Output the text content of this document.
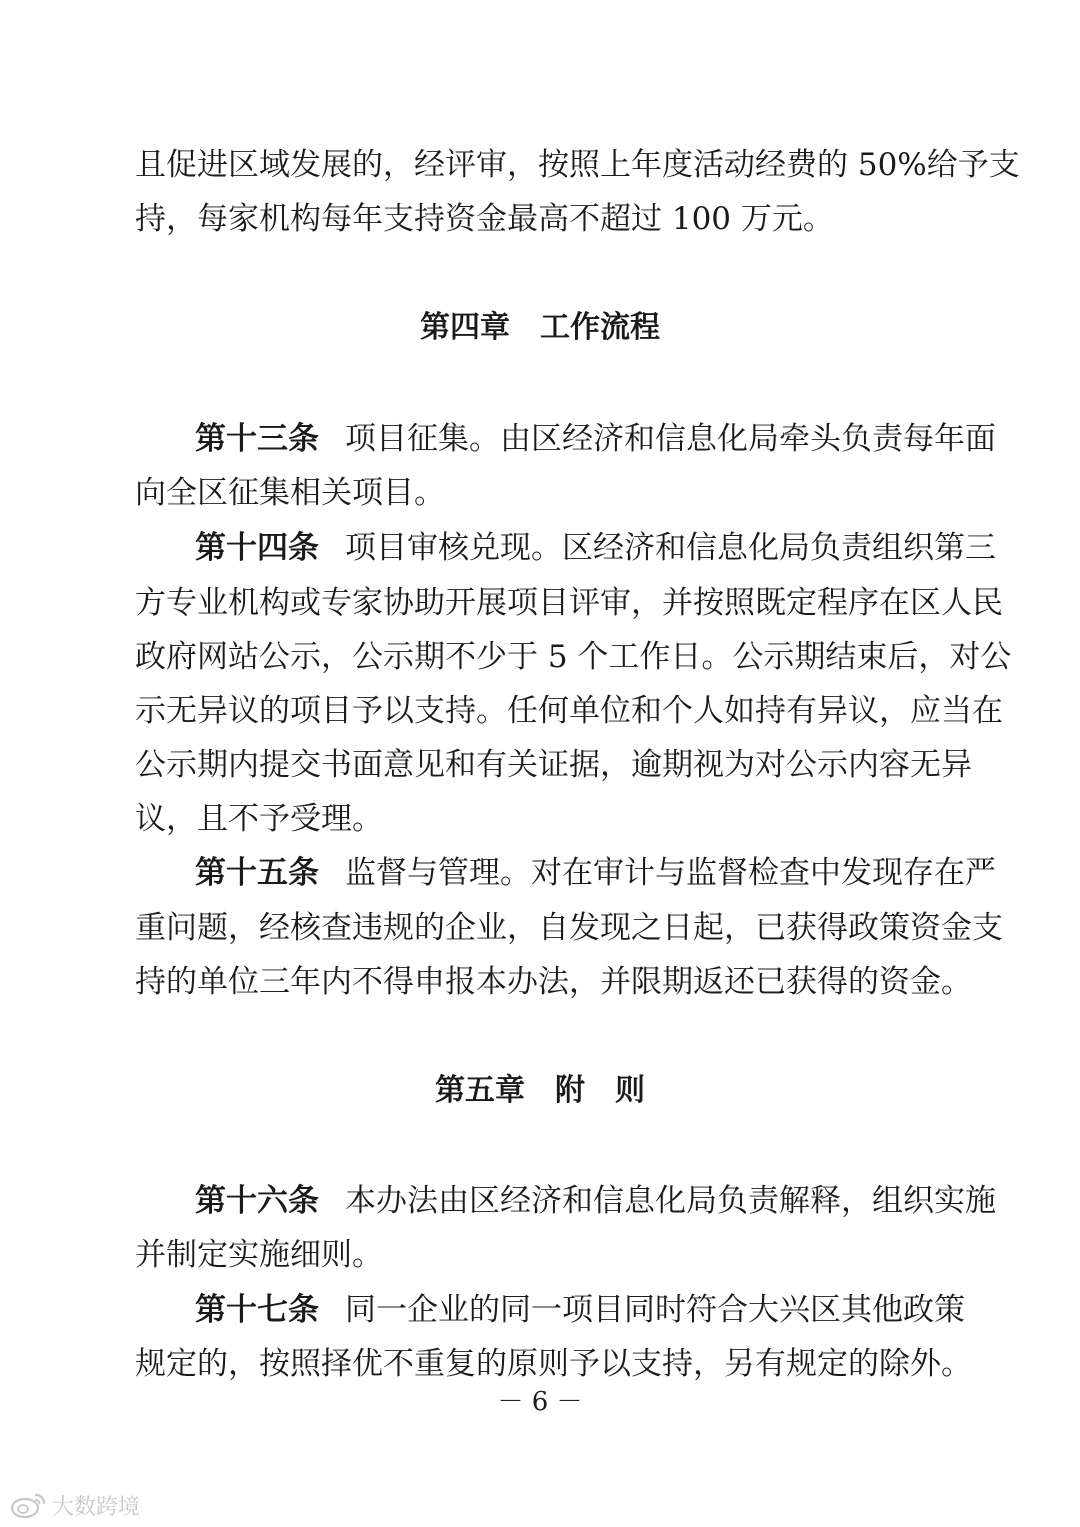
且促进区域发展的，经评审，按照上年度活动经费的 50%给予支
持，每家机构每年支持资金最高不超过 100 万元。
第四章　工作流程
第十三条 项目征集。由区经济和信息化局牵头负责每年面
向全区征集相关项目。
第十四条 项目审核兑现。区经济和信息化局负责组织第三
方专业机构或专家协助开展项目评审，并按照既定程序在区人民
政府网站公示，公示期不少于 5 个工作日。公示期结束后，对公
示无异议的项目予以支持。任何单位和个人如持有异议，应当在
公示期内提交书面意见和有关证据，逾期视为对公示内容无异
议，且不予受理。
第十五条 监督与管理。对在审计与监督检查中发现存在严
重问题，经核查违规的企业，自发现之日起，已获得政策资金支
持的单位三年内不得申报本办法，并限期返还已获得的资金。
第五章　附　则
第十六条 本办法由区经济和信息化局负责解释，组织实施
并制定实施细则。
第十七条 同一企业的同一项目同时符合大兴区其他政策
规定的，按照择优不重复的原则予以支持，另有规定的除外。
－ 6 －
大数跨境
